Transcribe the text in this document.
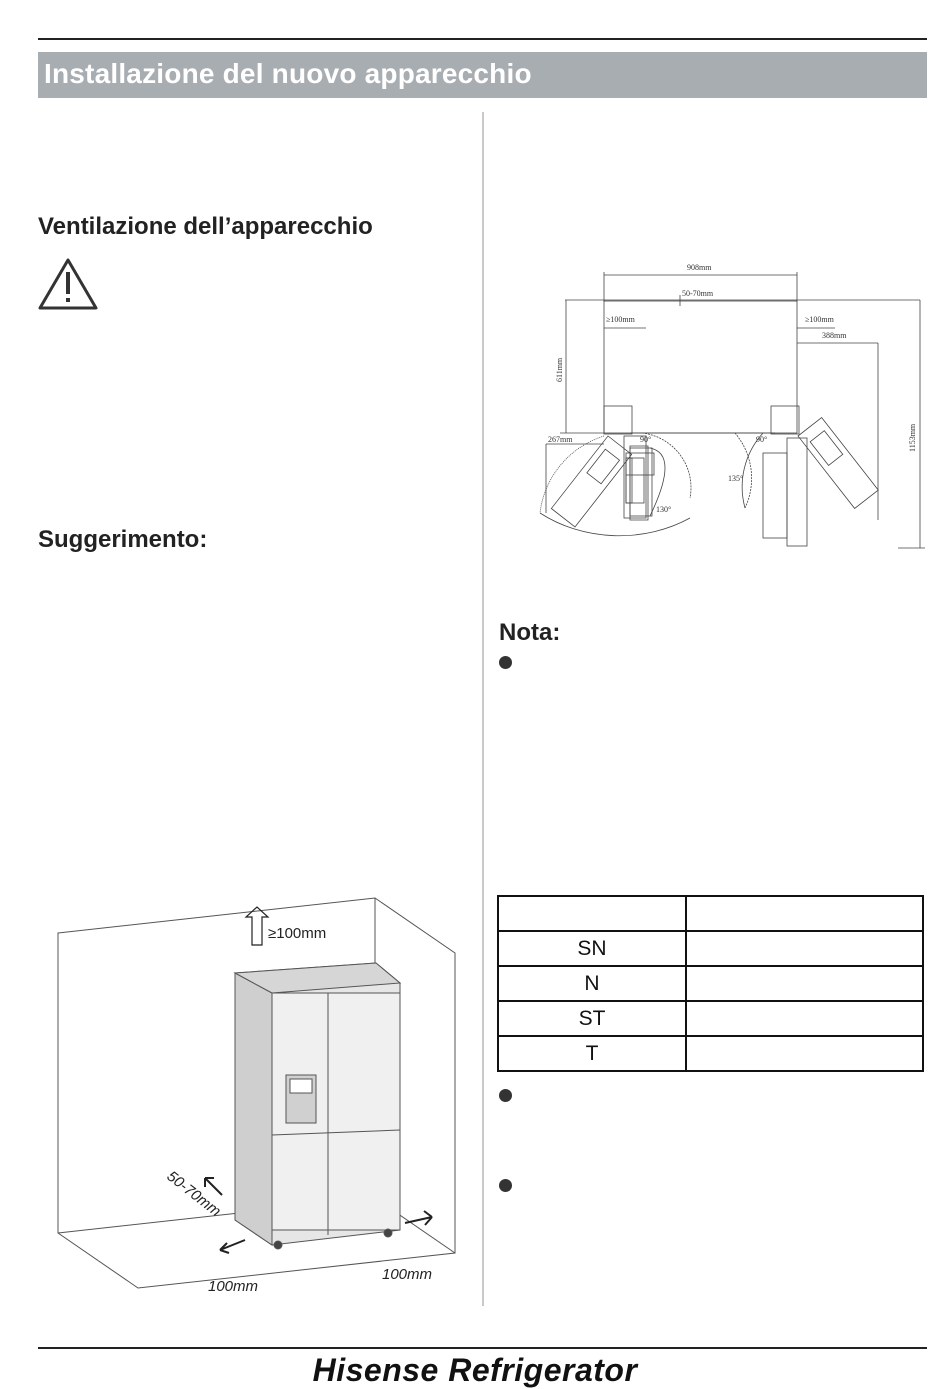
Installazione del nuovo apparecchio
Ventilazione dell’apparecchio
Suggerimento:
908mm
50-70mm
≥100mm	≥100mm
388mm
267mm	90°	90°
135°
130°
611mm
1153mm
Nota:

SN	
N	
ST	
T	
≥100mm
50-70mm
100mm
100mm
Hisense Refrigerator
